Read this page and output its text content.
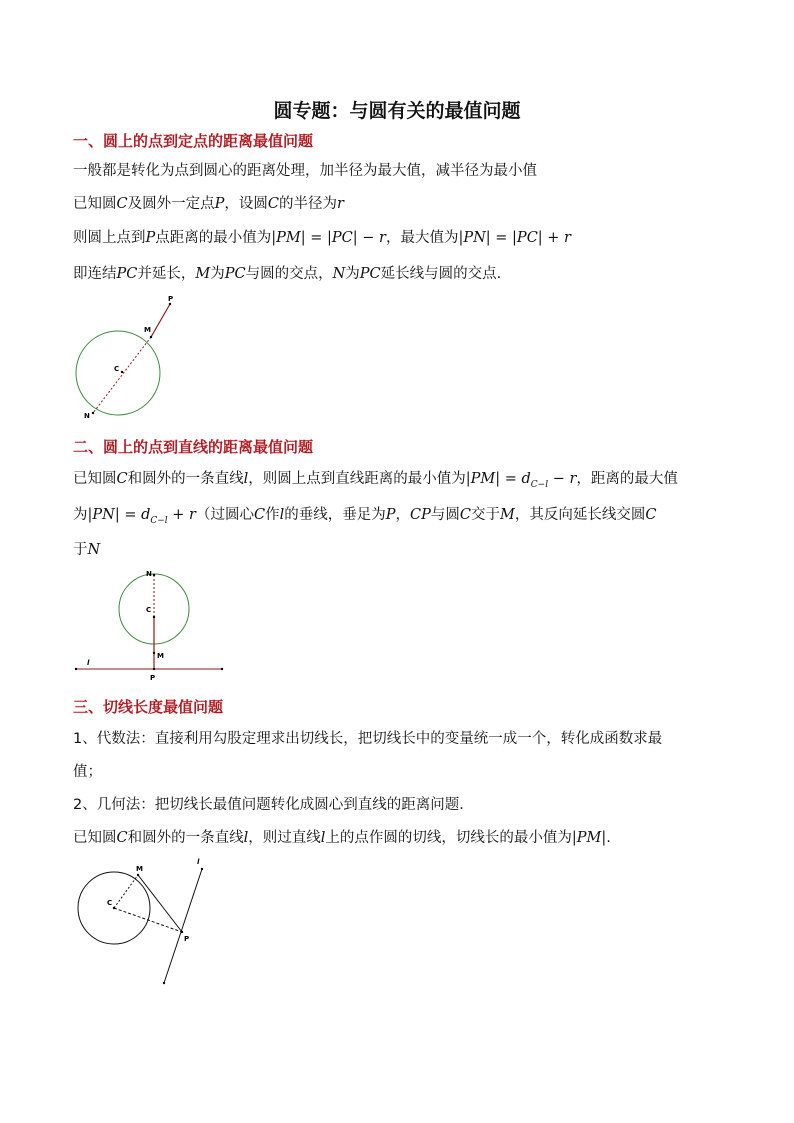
圆专题：与圆有关的最值问题
一、圆上的点到定点的距离最值问题
一般都是转化为点到圆心的距离处理，加半径为最大值，减半径为最小值
已知圆C及圆外一定点P，设圆C的半径为r
则圆上点到P点距离的最小值为|PM| = |PC| − r，最大值为|PN| = |PC| + r
即连结PC并延长，M为PC与圆的交点，N为PC延长线与圆的交点.
P
M
C
N
二、圆上的点到直线的距离最值问题
已知圆C和圆外的一条直线l，则圆上点到直线距离的最小值为$|PM| = d_{C-l} - r$，距离的最大值
为$|PN| = d_{C-l} + r$（过圆心C作l的垂线，垂足为P，CP与圆C交于M，其反向延长线交圆C
于N
N
C
M
l
P
三、切线长度最值问题
1、代数法：直接利用勾股定理求出切线长，把切线长中的变量统一成一个，转化成函数求最
值；
2、几何法：把切线长最值问题转化成圆心到直线的距离问题．
已知圆C和圆外的一条直线l，则过直线l上的点作圆的切线，切线长的最小值为|PM|.
l
M
C
P
